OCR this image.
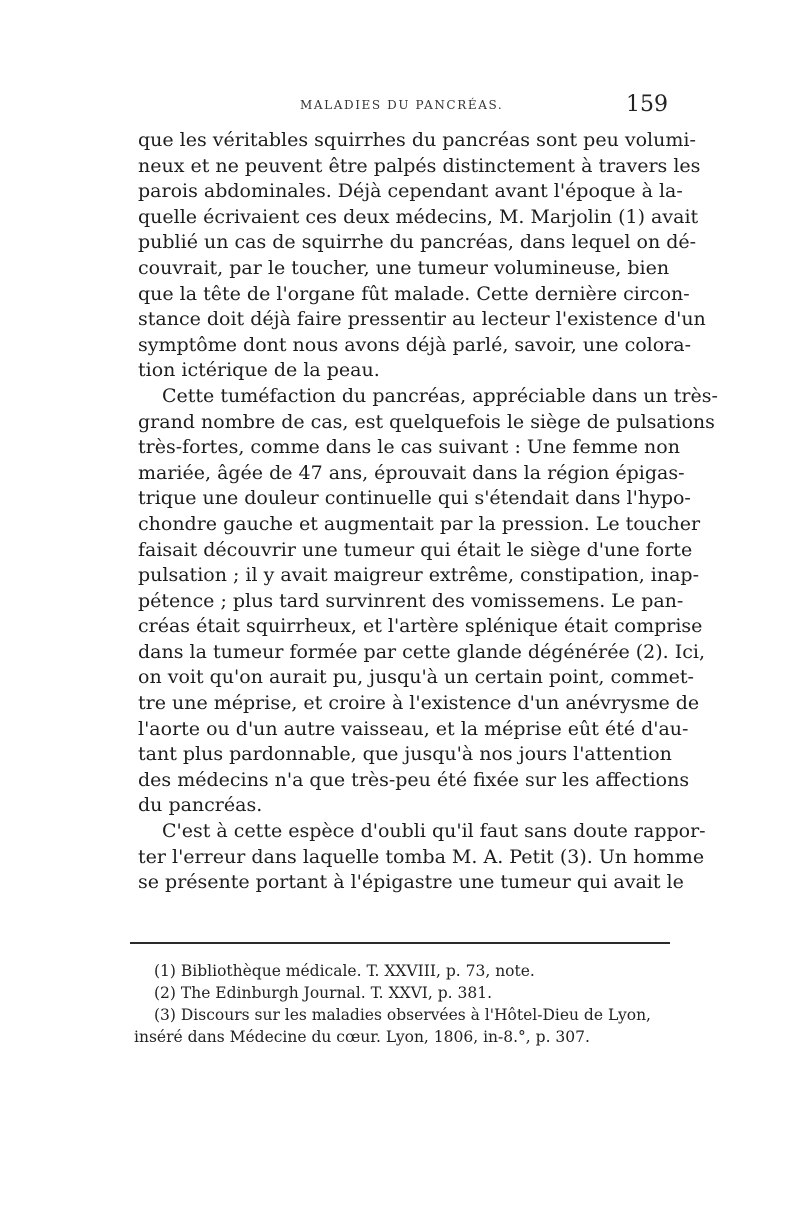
MALADIES DU PANCRÉAS.	159
que les véritables squirrhes du pancréas sont peu volumi-
neux et ne peuvent être palpés distinctement à travers les
parois abdominales. Déjà cependant avant l'époque à la-
quelle écrivaient ces deux médecins, M. Marjolin (1) avait
publié un cas de squirrhe du pancréas, dans lequel on dé-
couvrait, par le toucher, une tumeur volumineuse, bien
que la tête de l'organe fût malade. Cette dernière circon-
stance doit déjà faire pressentir au lecteur l'existence d'un
symptôme dont nous avons déjà parlé, savoir, une colora-
tion ictérique de la peau.
Cette tuméfaction du pancréas, appréciable dans un très-
grand nombre de cas, est quelquefois le siège de pulsations
très-fortes, comme dans le cas suivant : Une femme non
mariée, âgée de 47 ans, éprouvait dans la région épigas-
trique une douleur continuelle qui s'étendait dans l'hypo-
chondre gauche et augmentait par la pression. Le toucher
faisait découvrir une tumeur qui était le siège d'une forte
pulsation ; il y avait maigreur extrême, constipation, inap-
pétence ; plus tard survinrent des vomissemens. Le pan-
créas était squirrheux, et l'artère splénique était comprise
dans la tumeur formée par cette glande dégénérée (2). Ici,
on voit qu'on aurait pu, jusqu'à un certain point, commet-
tre une méprise, et croire à l'existence d'un anévrysme de
l'aorte ou d'un autre vaisseau, et la méprise eût été d'au-
tant plus pardonnable, que jusqu'à nos jours l'attention
des médecins n'a que très-peu été fixée sur les affections
du pancréas.
C'est à cette espèce d'oubli qu'il faut sans doute rappor-
ter l'erreur dans laquelle tomba M. A. Petit (3). Un homme
se présente portant à l'épigastre une tumeur qui avait le
(1) Bibliothèque médicale. T. XXVIII, p. 73, note.
(2) The Edinburgh Journal. T. XXVI, p. 381.
(3) Discours sur les maladies observées à l'Hôtel-Dieu de Lyon,
inséré dans Médecine du cœur. Lyon, 1806, in-8.°, p. 307.
